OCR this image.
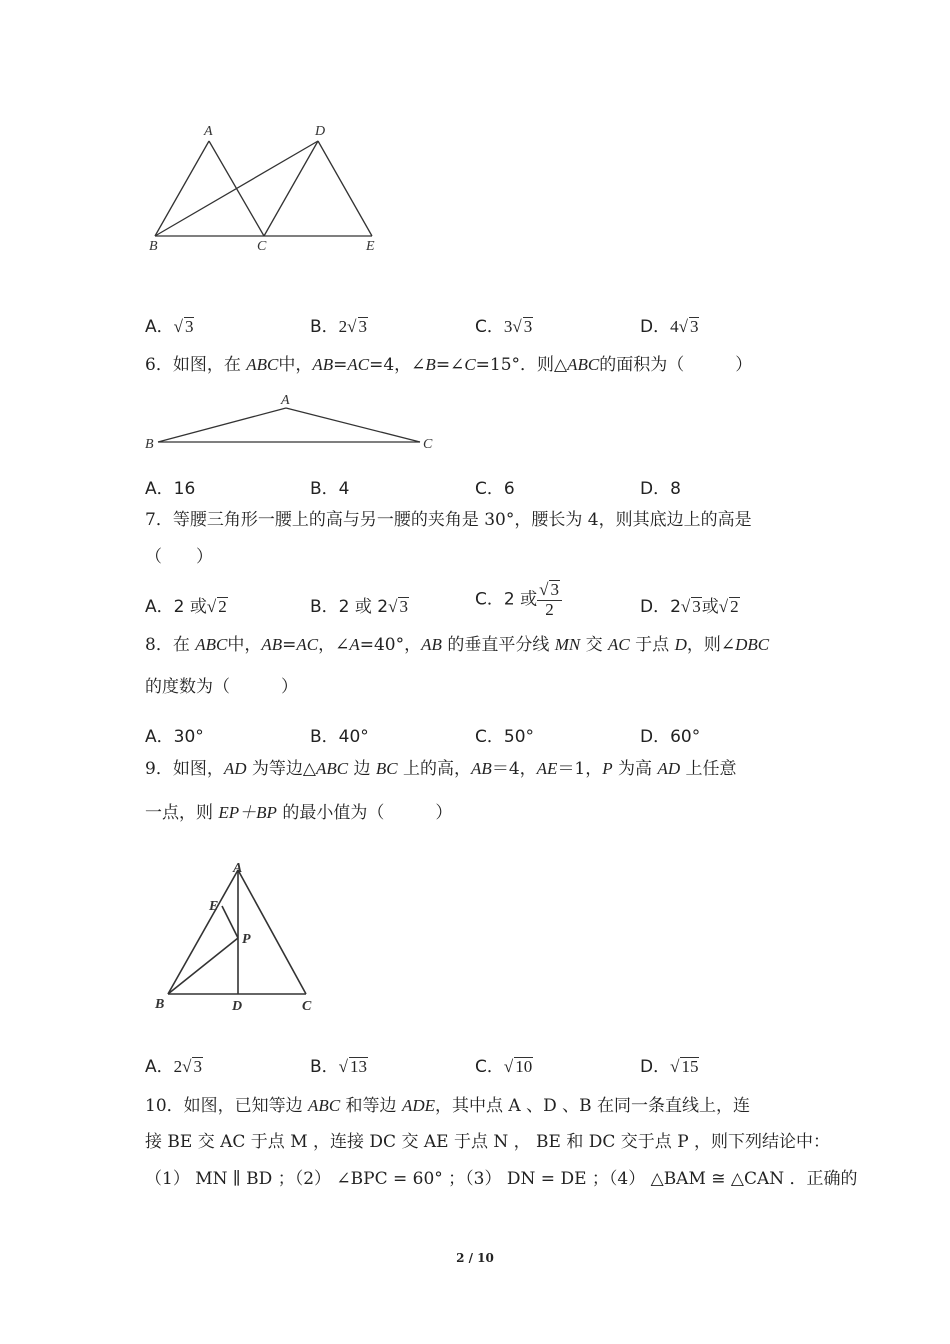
A	D
B	C	E
A．√ 3	B．2√ 3	C．3√ 3	D．4√ 3
6．如图，在 ABC中，AB=AC=4，∠B=∠C=15°．则△ABC的面积为（　　　）
A
B	C
A．16	B．4	C．6	D．8
7．等腰三角形一腰上的高与另一腰的夹角是 30°，腰长为 4，则其底边上的高是
（　　）
A．2 或√ 2	B．2 或 2√ 3	C．2 或 $\frac{√ 3}{2}$	D．2√ 3或√ 2
8．在 ABC中，AB=AC，∠A=40°，AB 的垂直平分线 MN 交 AC 于点 D，则∠DBC
的度数为（　　　）
A．30°	B．40°	C．50°	D．60°
9．如图，AD 为等边△ABC 边 BC 上的高，AB＝4，AE＝1，P 为高 AD 上任意
一点，则 EP＋BP 的最小值为（　　　）
A
E
P
B	D	C
A．2√ 3	B．√ 13	C．√ 10	D．√ 15
10．如图，已知等边 ABC 和等边 ADE，其中点 A 、D 、B 在同一条直线上，连
接 BE 交 AC 于点 M ，连接 DC 交 AE 于点 N ， BE 和 DC 交于点 P ，则下列结论中：
（1） MN ∥ BD ；（2） ∠BPC = 60° ；（3） DN = DE ；（4） △BAM ≅ △CAN ．正确的
2 / 10
